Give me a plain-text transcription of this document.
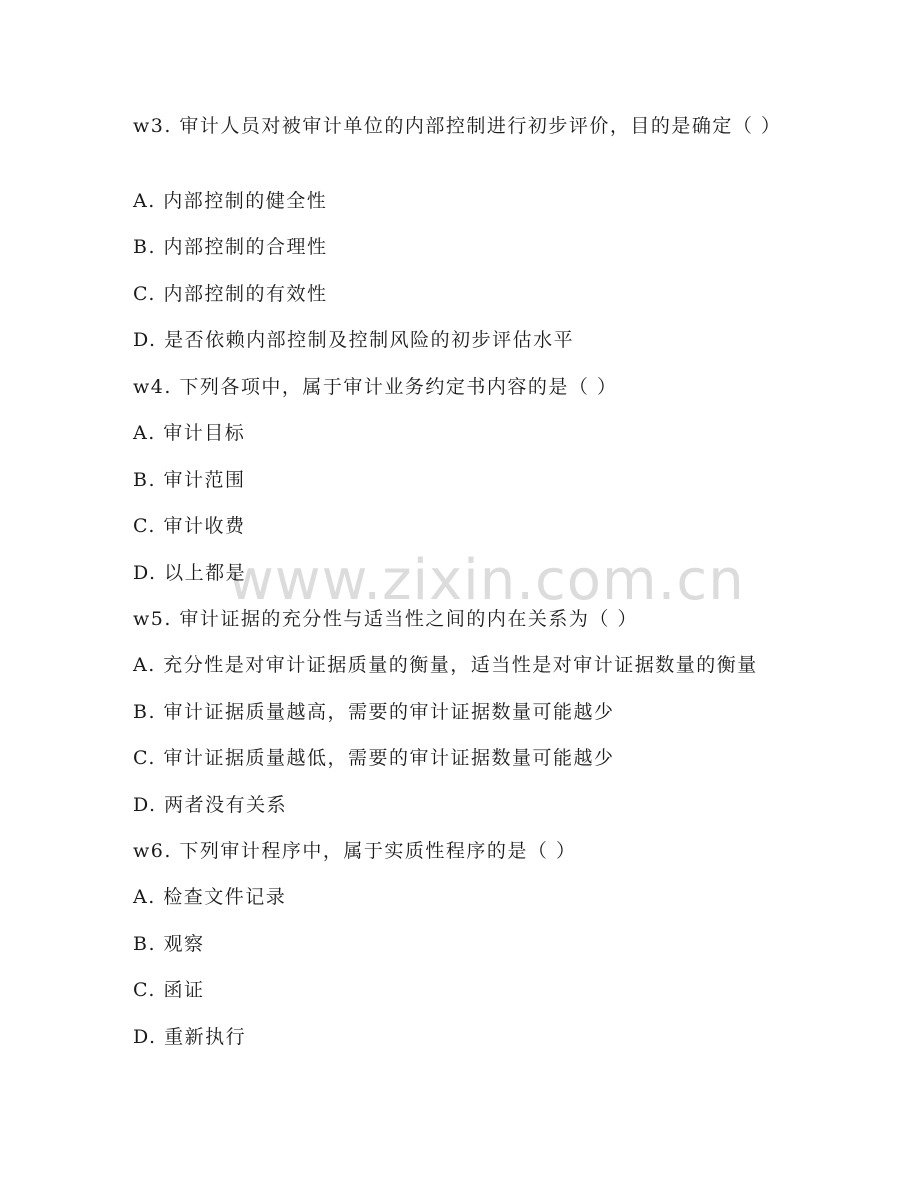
www.zixin.com.cn
w3. 审计人员对被审计单位的内部控制进行初步评价，目的是确定（ ）
A. 内部控制的健全性
B. 内部控制的合理性
C. 内部控制的有效性
D. 是否依赖内部控制及控制风险的初步评估水平
w4. 下列各项中，属于审计业务约定书内容的是（ ）
A. 审计目标
B. 审计范围
C. 审计收费
D. 以上都是
w5. 审计证据的充分性与适当性之间的内在关系为（ ）
A. 充分性是对审计证据质量的衡量，适当性是对审计证据数量的衡量
B. 审计证据质量越高，需要的审计证据数量可能越少
C. 审计证据质量越低，需要的审计证据数量可能越少
D. 两者没有关系
w6. 下列审计程序中，属于实质性程序的是（ ）
A. 检查文件记录
B. 观察
C. 函证
D. 重新执行
